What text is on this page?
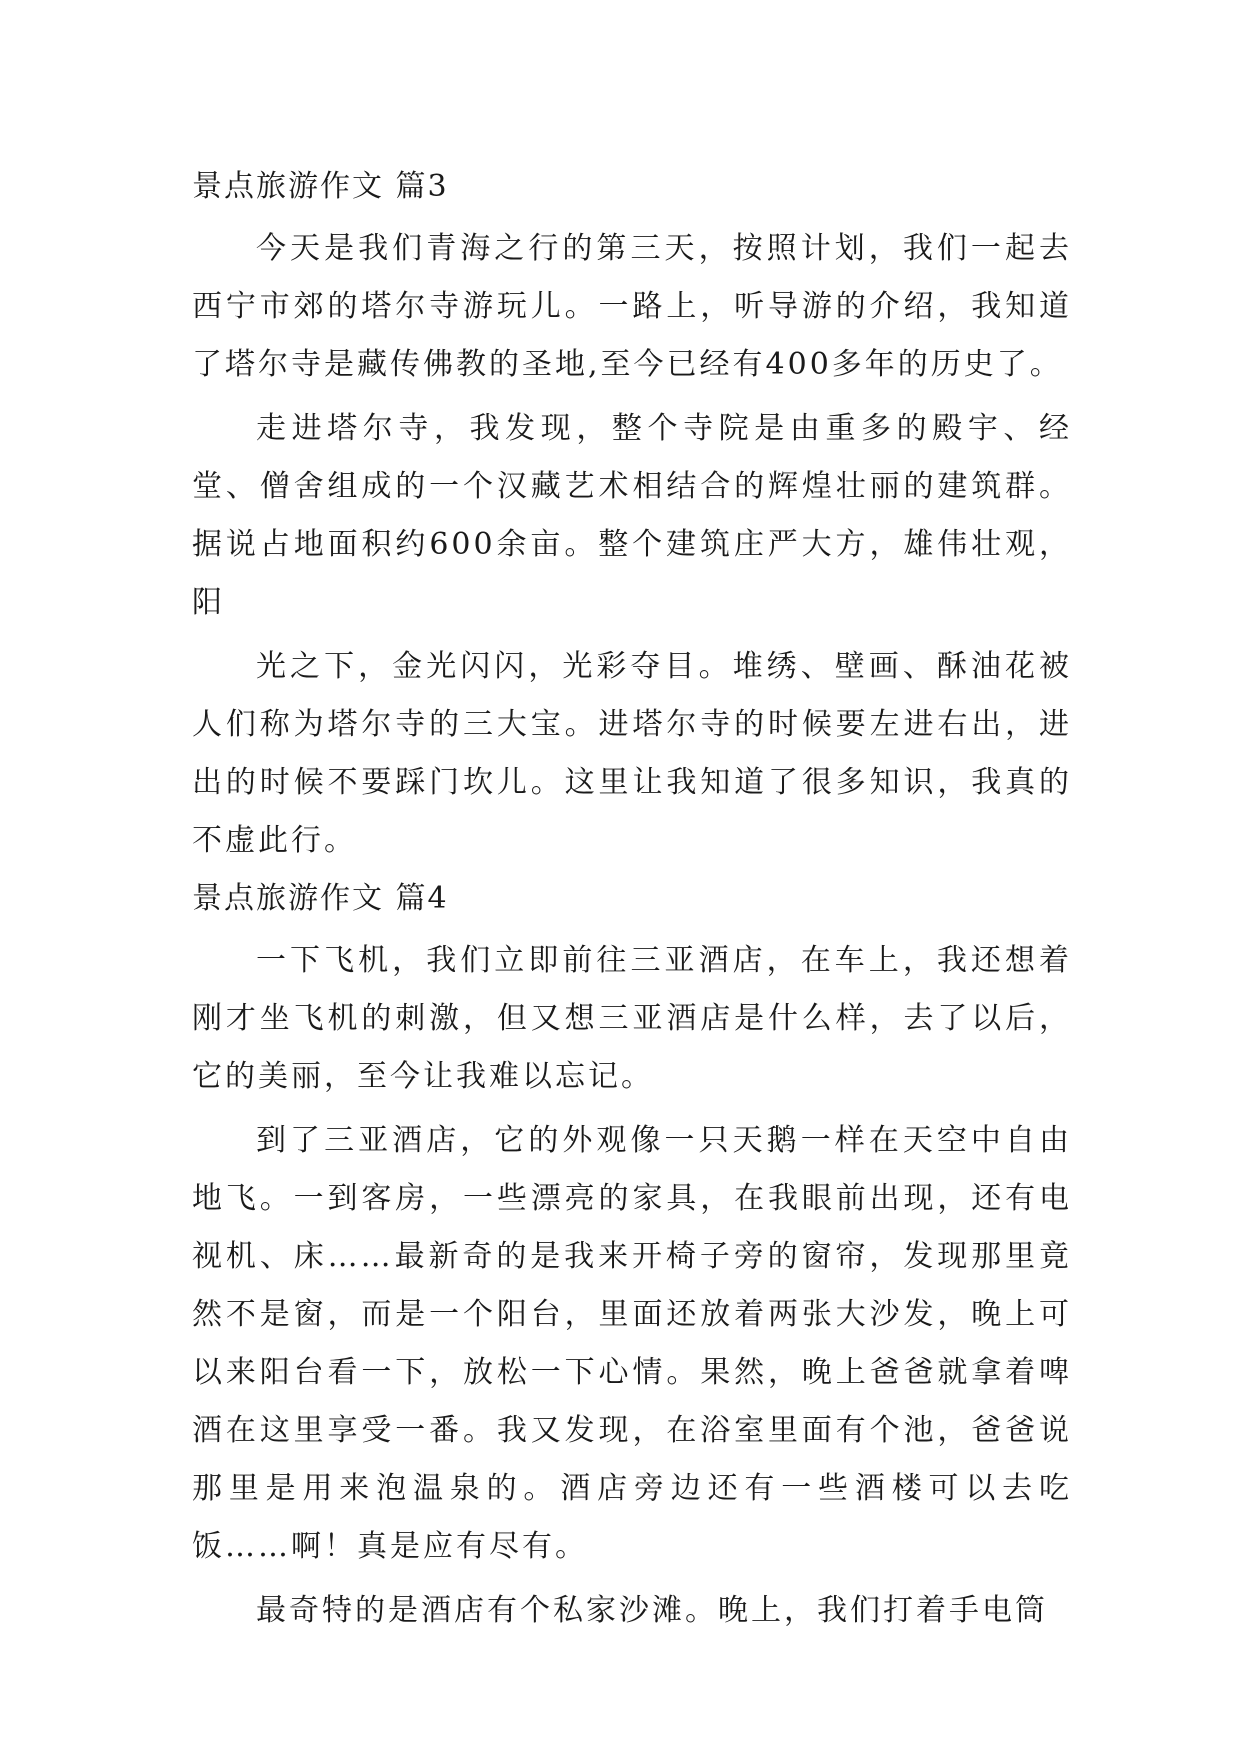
景点旅游作文 篇3

今天是我们青海之行的第三天，按照计划，我们一起去西宁市郊的塔尔寺游玩儿。一路上，听导游的介绍，我知道了塔尔寺是藏传佛教的圣地,至今已经有400多年的历史了。

走进塔尔寺，我发现，整个寺院是由重多的殿宇、经堂、僧舍组成的一个汉藏艺术相结合的辉煌壮丽的建筑群。据说占地面积约600余亩。整个建筑庄严大方，雄伟壮观，阳

光之下，金光闪闪，光彩夺目。堆绣、壁画、酥油花被人们称为塔尔寺的三大宝。进塔尔寺的时候要左进右出，进出的时候不要踩门坎儿。这里让我知道了很多知识，我真的不虚此行。

景点旅游作文 篇4

一下飞机，我们立即前往三亚酒店，在车上，我还想着刚才坐飞机的刺激，但又想三亚酒店是什么样，去了以后，它的美丽，至今让我难以忘记。

到了三亚酒店，它的外观像一只天鹅一样在天空中自由地飞。一到客房，一些漂亮的家具，在我眼前出现，还有电视机、床……最新奇的是我来开椅子旁的窗帘，发现那里竟然不是窗，而是一个阳台，里面还放着两张大沙发，晚上可以来阳台看一下，放松一下心情。果然，晚上爸爸就拿着啤酒在这里享受一番。我又发现，在浴室里面有个池，爸爸说那里是用来泡温泉的。酒店旁边还有一些酒楼可以去吃饭……啊！真是应有尽有。

最奇特的是酒店有个私家沙滩。晚上，我们打着手电筒
